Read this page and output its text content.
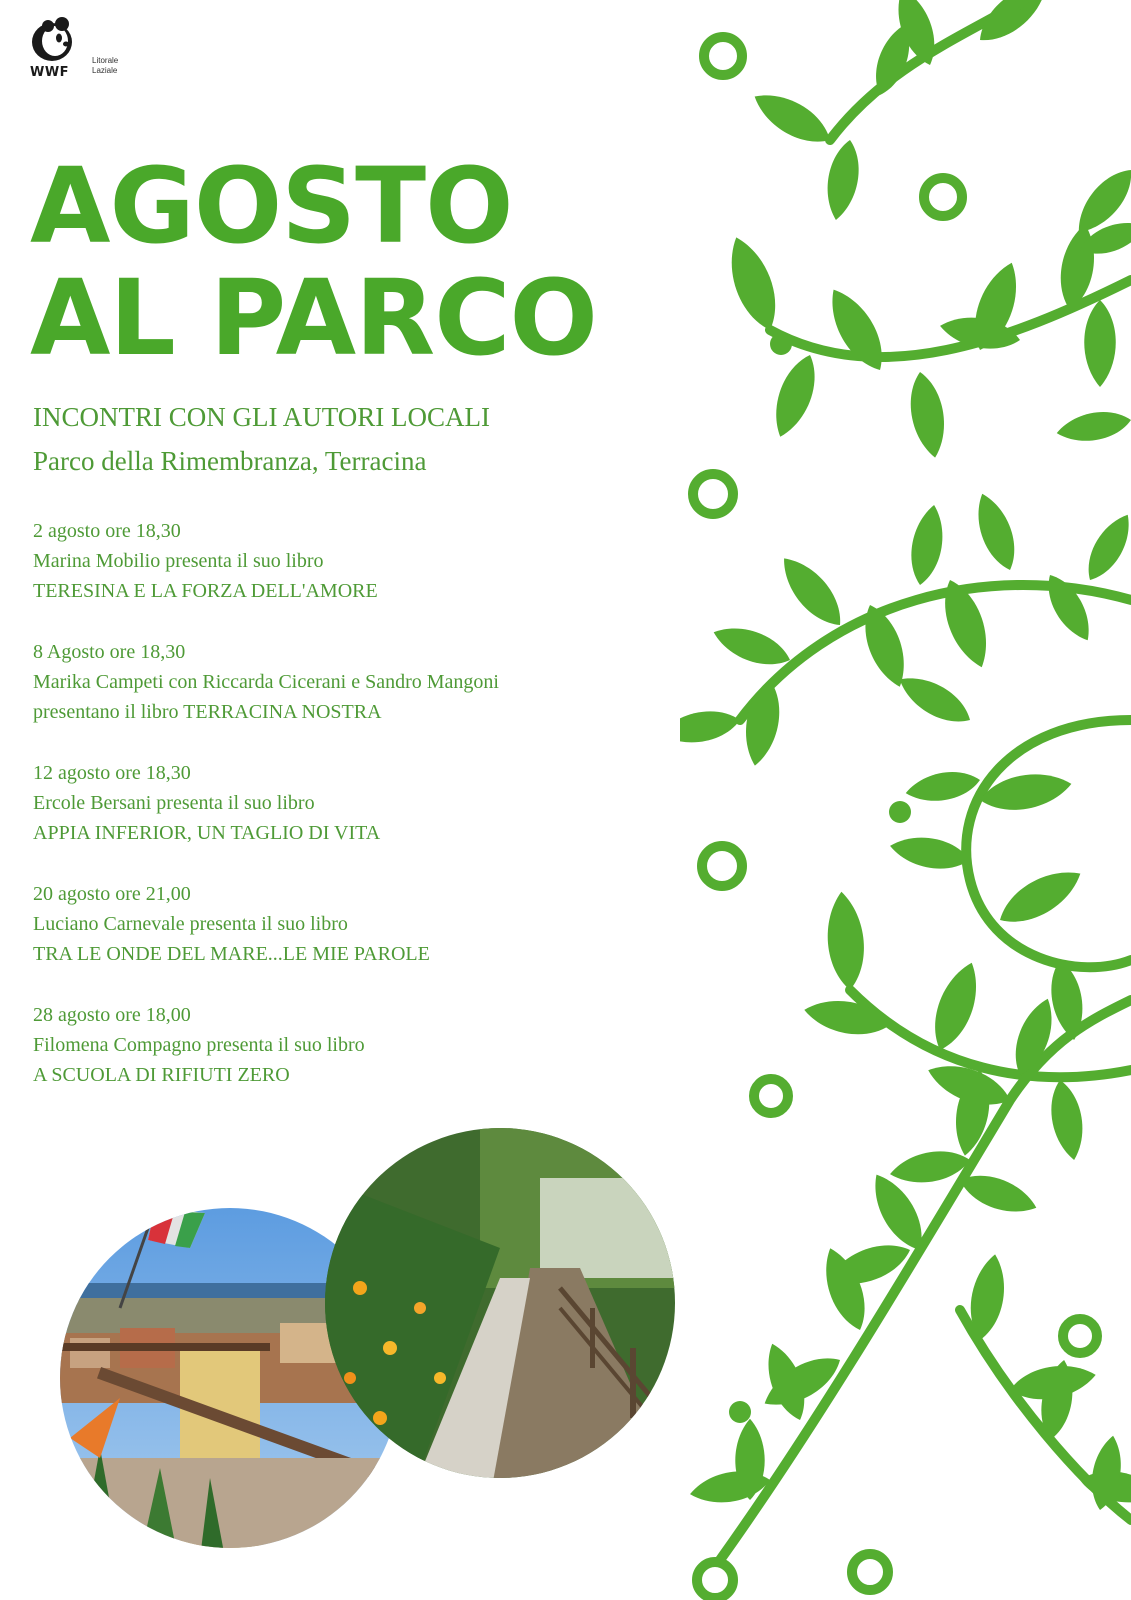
WWF
Litorale
Laziale
AGOSTO
AL PARCO

INCONTRI CON GLI AUTORI LOCALI

Parco della Rimembranza, Terracina

2 agosto ore 18,30
Marina Mobilio presenta il suo libro
TERESINA E LA FORZA DELL'AMORE
8 Agosto ore 18,30
Marika Campeti con Riccarda Cicerani e Sandro Mangoni
presentano il libro TERRACINA NOSTRA
12 agosto ore 18,30
Ercole Bersani presenta il suo libro
APPIA INFERIOR, UN TAGLIO DI VITA
20 agosto ore 21,00
Luciano Carnevale presenta il suo libro
TRA LE ONDE DEL MARE...LE MIE PAROLE
28 agosto ore 18,00
Filomena Compagno presenta il suo libro
A SCUOLA DI RIFIUTI ZERO
